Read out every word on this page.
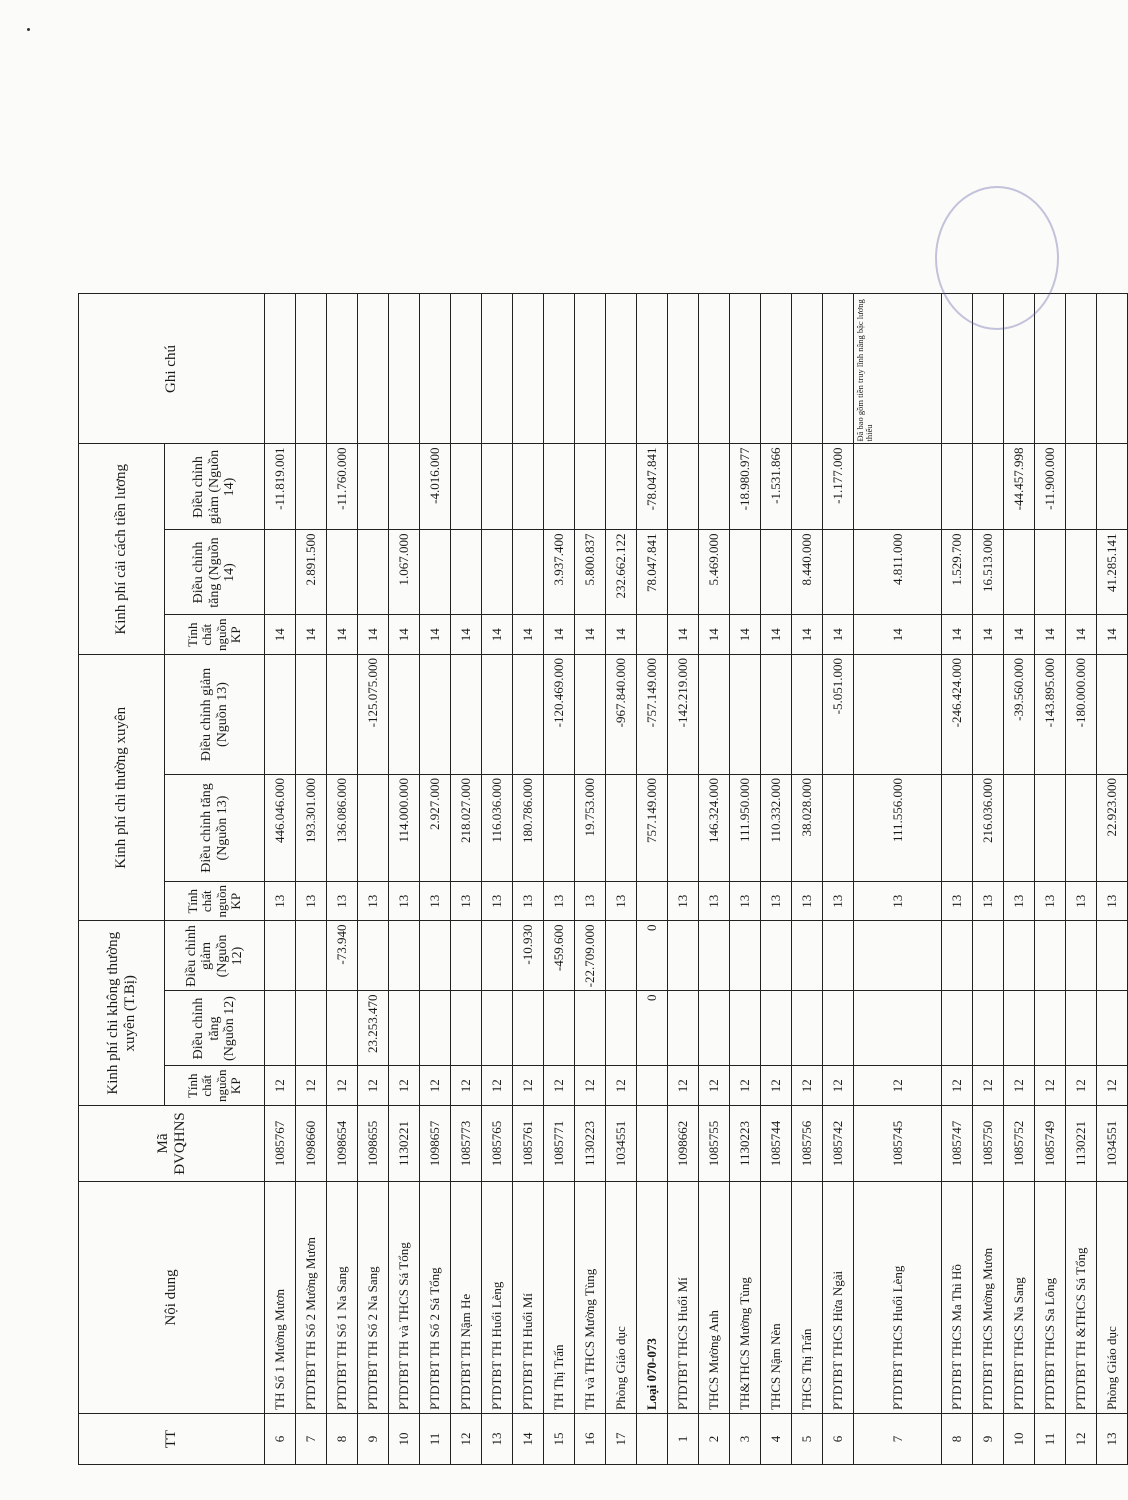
TT	Nội dung	Mã ĐVQHNS	Kinh phí chi không thường xuyên (T.Bị)			Kinh phí chi thường xuyên			Kinh phí cải cách tiền lương			Ghi chú
			Tính chất nguồn KP	Điều chỉnh tăng (Nguồn 12)	Điều chỉnh giảm (Nguồn 12)	Tính chất nguồn KP	Điều chỉnh tăng (Nguồn 13)	Điều chỉnh giảm (Nguồn 13)	Tính chất nguồn KP	Điều chỉnh tăng (Nguồn 14)	Điều chỉnh giảm (Nguồn 14)	
6	TH Số 1 Mường Mươn	1085767	12			13	446.046.000		14		-11.819.001	
7	PTDTBT TH Số 2 Mường Mươn	1098660	12			13	193.301.000		14	2.891.500		
8	PTDTBT TH Số 1 Na Sang	1098654	12		-73.940	13	136.086.000		14		-11.760.000	
9	PTDTBT TH Số 2 Na Sang	1098655	12	23.253.470		13		-125.075.000	14			
10	PTDTBT TH và THCS Sá Tổng	1130221	12			13	114.000.000		14	1.067.000		
11	PTDTBT TH Số 2 Sá Tổng	1098657	12			13	2.927.000		14		-4.016.000	
12	PTDTBT TH Nậm He	1085773	12			13	218.027.000		14			
13	PTDTBT TH Huổi Lèng	1085765	12			13	116.036.000		14			
14	PTDTBT TH Huổi Mí	1085761	12		-10.930	13	180.786.000		14			
15	TH Thị Trấn	1085771	12		-459.600	13		-120.469.000	14	3.937.400		
16	TH và THCS Mường Tùng	1130223	12		-22.709.000	13	19.753.000		14	5.800.837		
17	Phòng Giáo dục	1034551	12			13		-967.840.000	14	232.662.122		
	Loại 070-073			0	0		757.149.000	-757.149.000		78.047.841	-78.047.841	
1	PTDTBT THCS Huổi Mí	1098662	12			13		-142.219.000	14			
2	THCS Mường Anh	1085755	12			13	146.324.000		14	5.469.000		
3	TH&THCS Mường Tùng	1130223	12			13	111.950.000		14		-18.980.977	
4	THCS Nậm Nèn	1085744	12			13	110.332.000		14		-1.531.866	
5	THCS Thị Trấn	1085756	12			13	38.028.000		14	8.440.000		
6	PTDTBT THCS Hừa Ngài	1085742	12			13		-5.051.000	14		-1.177.000	
7	PTDTBT THCS Huổi Lèng	1085745	12			13	111.556.000		14	4.811.000		Đã bao gồm tiền truy lĩnh nâng bậc lương thiếu
8	PTDTBT THCS Ma Thì Hồ	1085747	12			13		-246.424.000	14	1.529.700		
9	PTDTBT THCS Mường Mươn	1085750	12			13	216.036.000		14	16.513.000		
10	PTDTBT THCS Na Sang	1085752	12			13		-39.560.000	14		-44.457.998	
11	PTDTBT THCS Sa Lông	1085749	12			13		-143.895.000	14		-11.900.000	
12	PTDTBT TH &THCS Sá Tổng	1130221	12			13		-180.000.000	14			
13	Phòng Giáo dục	1034551	12			13	22.923.000		14	41.285.141		
